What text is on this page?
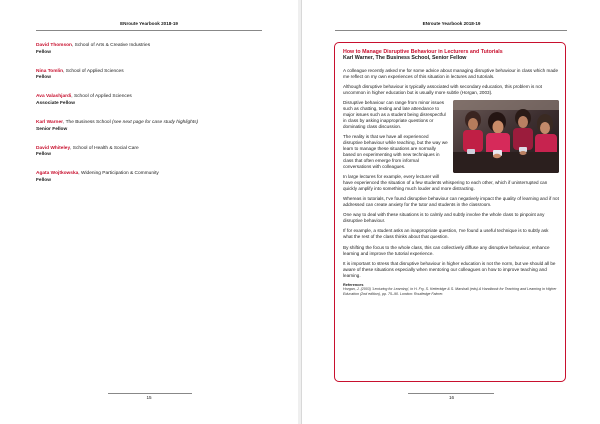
ENroute Yearbook 2018-19
David Thomson, School of Arts & Creative Industries
Fellow
Nina Tomlin, School of Applied Sciences
Fellow
Ava Valashjardi, School of Applied Sciences
Associate Fellow
Karl Warner, The Business School (see next page for case study highlights)
Senior Fellow
David Whiteley, School of Health & Social Care
Fellow
Agata Wojtkowska, Widening Participation & Community
Fellow
15
ENroute Yearbook 2018-19
16
How to Manage Disruptive Behaviour in Lecturers and Tutorials
Karl Warner, The Business School, Senior Fellow

A colleague recently asked me for some advice about managing disruptive behaviour in class which made me reflect on my own experiences of this situation in lectures and tutorials.

Although disruptive behaviour is typically associated with secondary education, this problem is not uncommon in higher education but is usually more subtle (Horgan, 2003).

Disruptive behaviour can range from minor issues such as chatting, texting and late attendance to major issues such as a student being disrespectful in class by asking inappropriate questions or dominating class discussion.

The reality is that we have all experienced disruptive behaviour while teaching, but the way we learn to manage these situations are normally based on experimenting with new techniques in class that often emerge from informal conversations with colleagues.

In large lectures for example, every lecturer will have experienced the situation of a few students whispering to each other, which if uninterrupted can quickly amplify into something much louder and more distracting.

Whereas in tutorials, I've found disruptive behaviour can negatively impact the quality of learning and if not addressed can create anxiety for the tutor and students in the classroom.

One way to deal with these situations is to calmly and subtly involve the whole class to pinpoint any disruptive behaviour.

If for example, a student asks an inappropriate question, I've found a useful technique is to subtly ask what the rest of the class thinks about that question.

By shifting the focus to the whole class, this can collectively diffuse any disruptive behaviour, enhance learning and improve the tutorial experience.

It is important to stress that disruptive behaviour in higher education is not the norm, but we should all be aware of these situations especially when mentoring our colleagues on how to improve teaching and learning.

References
Horgan, J. (2003) 'Lecturing for Learning', in H. Fry, S. Ketteridge & S. Marshall (eds) A Handbook for Teaching and Learning in Higher Education (2nd edition), pp. 75–90. London: Routledge Falmer.
